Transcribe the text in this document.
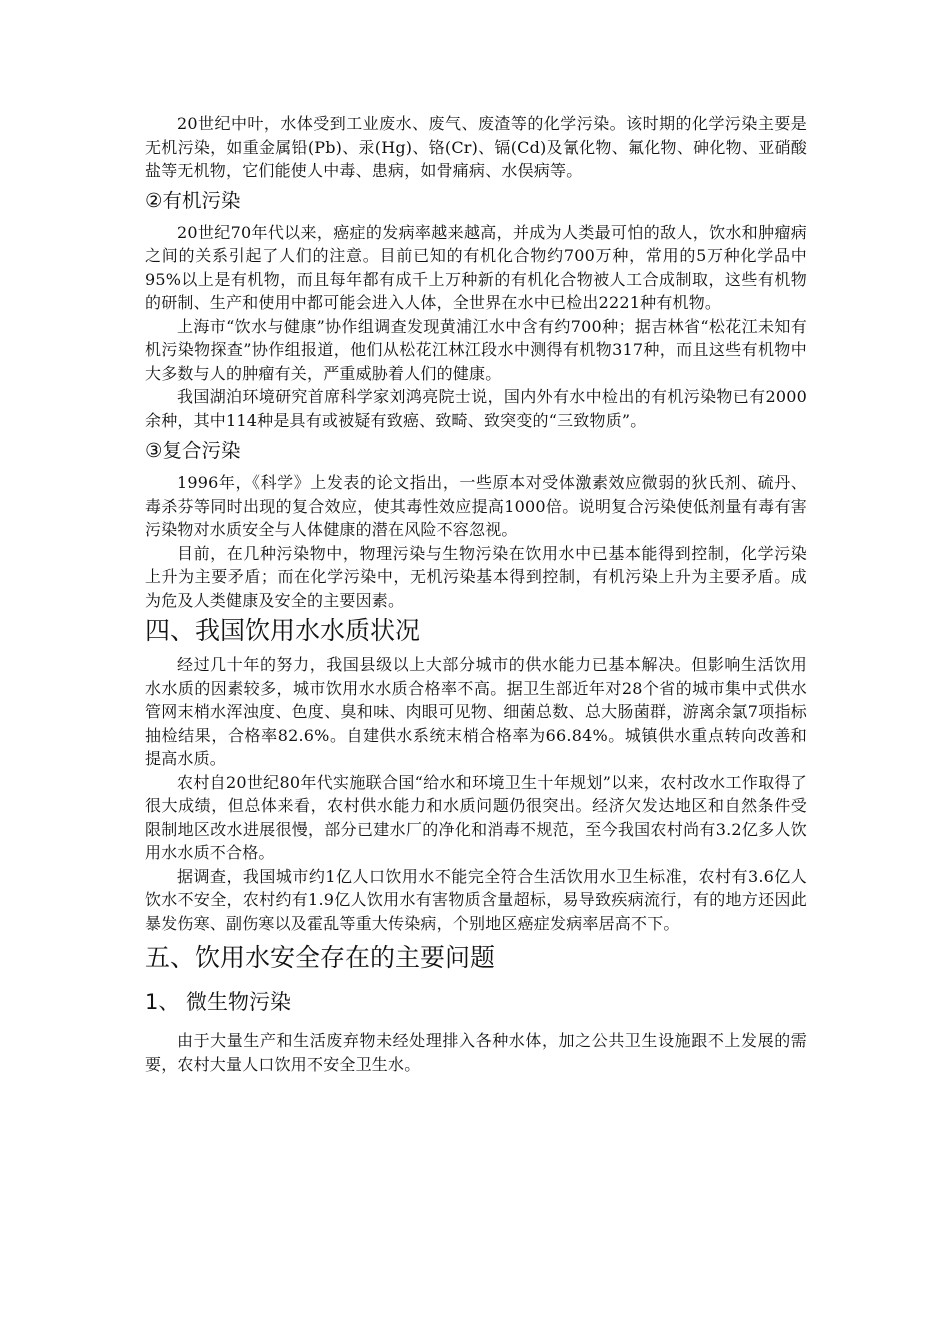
20世纪中叶，水体受到工业废水、废气、废渣等的化学污染。该时期的化学污染主要是无机污染，如重金属铅(Pb)、汞(Hg)、铬(Cr)、镉(Cd)及氰化物、氟化物、砷化物、亚硝酸盐等无机物，它们能使人中毒、患病，如骨痛病、水俣病等。

②有机污染

20世纪70年代以来，癌症的发病率越来越高，并成为人类最可怕的敌人，饮水和肿瘤病之间的关系引起了人们的注意。目前已知的有机化合物约700万种，常用的5万种化学品中95%以上是有机物，而且每年都有成千上万种新的有机化合物被人工合成制取，这些有机物的研制、生产和使用中都可能会进入人体，全世界在水中已检出2221种有机物。

上海市“饮水与健康”协作组调查发现黄浦江水中含有约700种；据吉林省“松花江未知有机污染物探查”协作组报道，他们从松花江林江段水中测得有机物317种，而且这些有机物中大多数与人的肿瘤有关，严重威胁着人们的健康。

我国湖泊环境研究首席科学家刘鸿亮院士说，国内外有水中检出的有机污染物已有2000余种，其中114种是具有或被疑有致癌、致畸、致突变的“三致物质”。

③复合污染

1996年，《科学》上发表的论文指出，一些原本对受体激素效应微弱的狄氏剂、硫丹、毒杀芬等同时出现的复合效应，使其毒性效应提高1000倍。说明复合污染使低剂量有毒有害污染物对水质安全与人体健康的潜在风险不容忽视。

目前，在几种污染物中，物理污染与生物污染在饮用水中已基本能得到控制，化学污染上升为主要矛盾；而在化学污染中，无机污染基本得到控制，有机污染上升为主要矛盾。成为危及人类健康及安全的主要因素。

四、我国饮用水水质状况

经过几十年的努力，我国县级以上大部分城市的供水能力已基本解决。但影响生活饮用水水质的因素较多，城市饮用水水质合格率不高。据卫生部近年对28个省的城市集中式供水管网末梢水浑浊度、色度、臭和味、肉眼可见物、细菌总数、总大肠菌群，游离余氯7项指标抽检结果，合格率82.6%。自建供水系统末梢合格率为66.84%。城镇供水重点转向改善和提高水质。

农村自20世纪80年代实施联合国“给水和环境卫生十年规划”以来，农村改水工作取得了很大成绩，但总体来看，农村供水能力和水质问题仍很突出。经济欠发达地区和自然条件受限制地区改水进展很慢，部分已建水厂的净化和消毒不规范，至今我国农村尚有3.2亿多人饮用水水质不合格。

据调查，我国城市约1亿人口饮用水不能完全符合生活饮用水卫生标准，农村有3.6亿人饮水不安全，农村约有1.9亿人饮用水有害物质含量超标，易导致疾病流行，有的地方还因此暴发伤寒、副伤寒以及霍乱等重大传染病，个别地区癌症发病率居高不下。

五、饮用水安全存在的主要问题
1、 微生物污染

由于大量生产和生活废弃物未经处理排入各种水体，加之公共卫生设施跟不上发展的需要，农村大量人口饮用不安全卫生水。
